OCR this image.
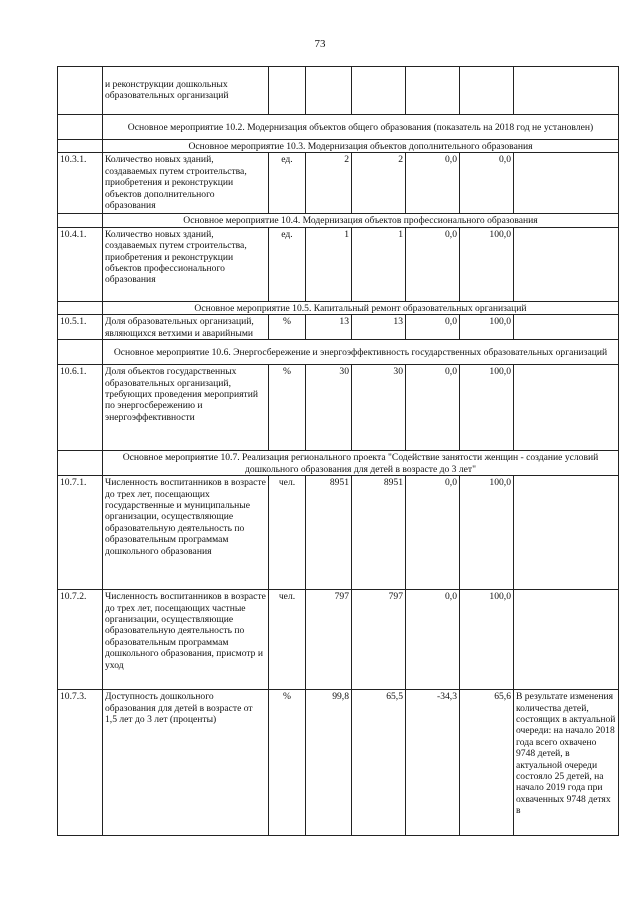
73

и реконструкции дошкольных образовательных организаций						
	Основное мероприятие 10.2. Модернизация объектов общего образования (показатель на 2018 год не установлен)						
	Основное мероприятие 10.3. Модернизация объектов дополнительного образования						
10.3.1.	Количество новых зданий, создаваемых путем строительства, приобретения и реконструкции объектов дополнительного образования	ед.	2	2	0,0	0,0	
	Основное мероприятие 10.4. Модернизация объектов профессионального образования						
10.4.1.	Количество новых зданий, создаваемых путем строительства, приобретения и реконструкции объектов профессионального образования	ед.	1	1	0,0	100,0	
	Основное мероприятие 10.5. Капитальный ремонт образовательных организаций						
10.5.1.	Доля образовательных организаций, являющихся ветхими и аварийными	%	13	13	0,0	100,0	
	Основное мероприятие 10.6. Энергосбережение и энергоэффективность государственных образовательных организаций						
10.6.1.	Доля объектов государственных образовательных организаций, требующих проведения мероприятий по энергосбережению и энергоэффективности	%	30	30	0,0	100,0	
	Основное мероприятие 10.7. Реализация регионального проекта "Содействие занятости женщин - создание условий дошкольного образования для детей в возрасте до 3 лет"						
10.7.1.	Численность воспитанников в возрасте до трех лет, посещающих государственные и муниципальные организации, осуществляющие образовательную деятельность по образовательным программам дошкольного образования	чел.	8951	8951	0,0	100,0	
10.7.2.	Численность воспитанников в возрасте до трех лет, посещающих частные организации, осуществляющие образовательную деятельность по образовательным программам дошкольного образования, присмотр и уход	чел.	797	797	0,0	100,0	
10.7.3.	Доступность дошкольного образования для детей в возрасте от 1,5 лет до 3 лет (проценты)	%	99,8	65,5	-34,3	65,6	В результате изменения количества детей, состоящих в актуальной очереди: на начало 2018 года всего охвачено 9748 детей, в актуальной очереди состояло 25 детей, на начало 2019 года при охваченных 9748 детях в
